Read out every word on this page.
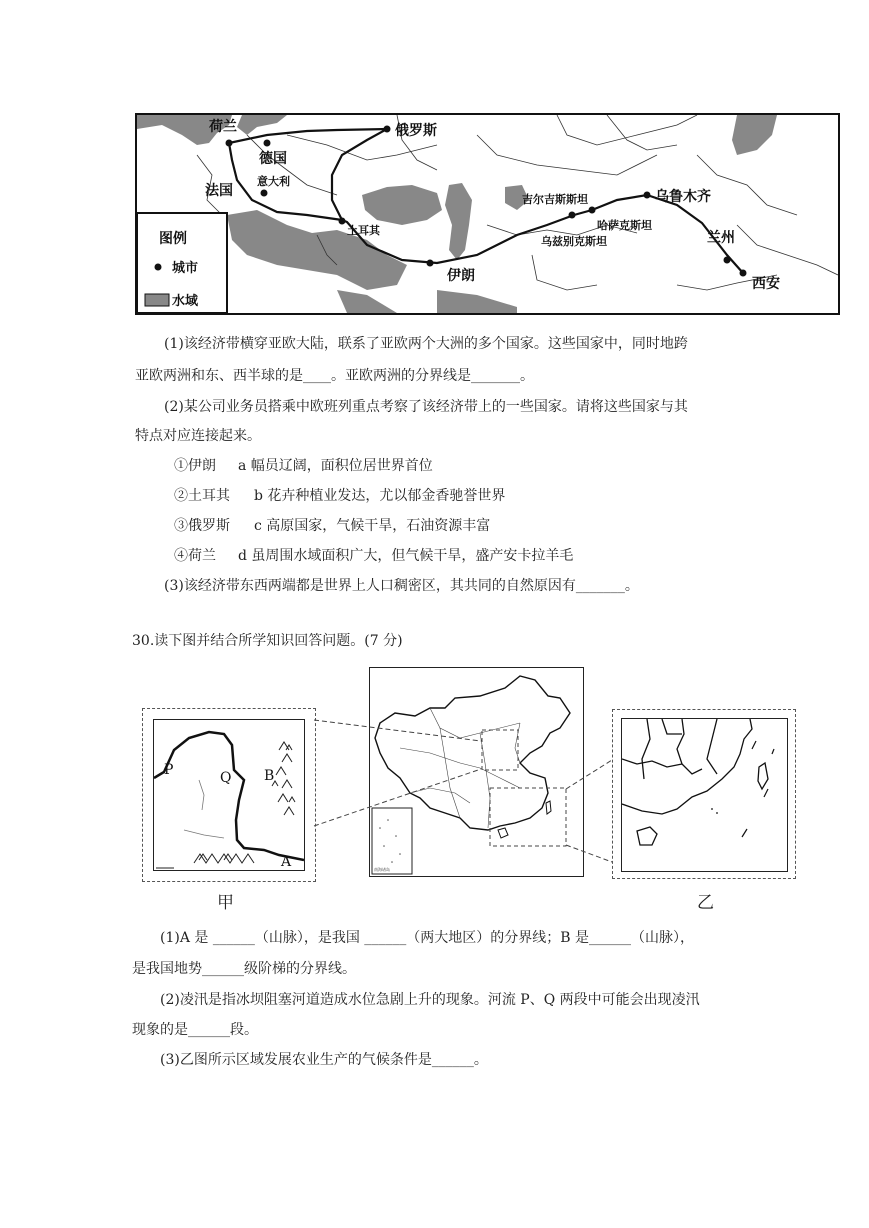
荷兰
德国
意大利
法国
俄罗斯
土耳其
伊朗
吉尔吉斯斯坦
哈萨克斯坦
乌兹别克斯坦
乌鲁木齐
兰州
西安
图例
城市
水域
(1)该经济带横穿亚欧大陆，联系了亚欧两个大洲的多个国家。这些国家中，同时地跨
亚欧两洲和东、西半球的是____。亚欧两洲的分界线是_______。
(2)某公司业务员搭乘中欧班列重点考察了该经济带上的一些国家。请将这些国家与其
特点对应连接起来。
①伊朗 a 幅员辽阔，面积位居世界首位
②土耳其 b 花卉种植业发达，尤以郁金香驰誉世界
③俄罗斯 c 高原国家，气候干旱，石油资源丰富
④荷兰 d 虽周围水域面积广大，但气候干旱，盛产安卡拉羊毛
(3)该经济带东西两端都是世界上人口稠密区，其共同的自然原因有_______。
30.读下图并结合所学知识回答问题。(7 分)
P	Q B
A
甲
南海诸岛
乙
(1)A 是 ______（山脉），是我国 ______（两大地区）的分界线；B 是______（山脉），
是我国地势______级阶梯的分界线。
(2)凌汛是指冰坝阻塞河道造成水位急剧上升的现象。河流 P、Q 两段中可能会出现凌汛
现象的是______段。
(3)乙图所示区域发展农业生产的气候条件是______。
